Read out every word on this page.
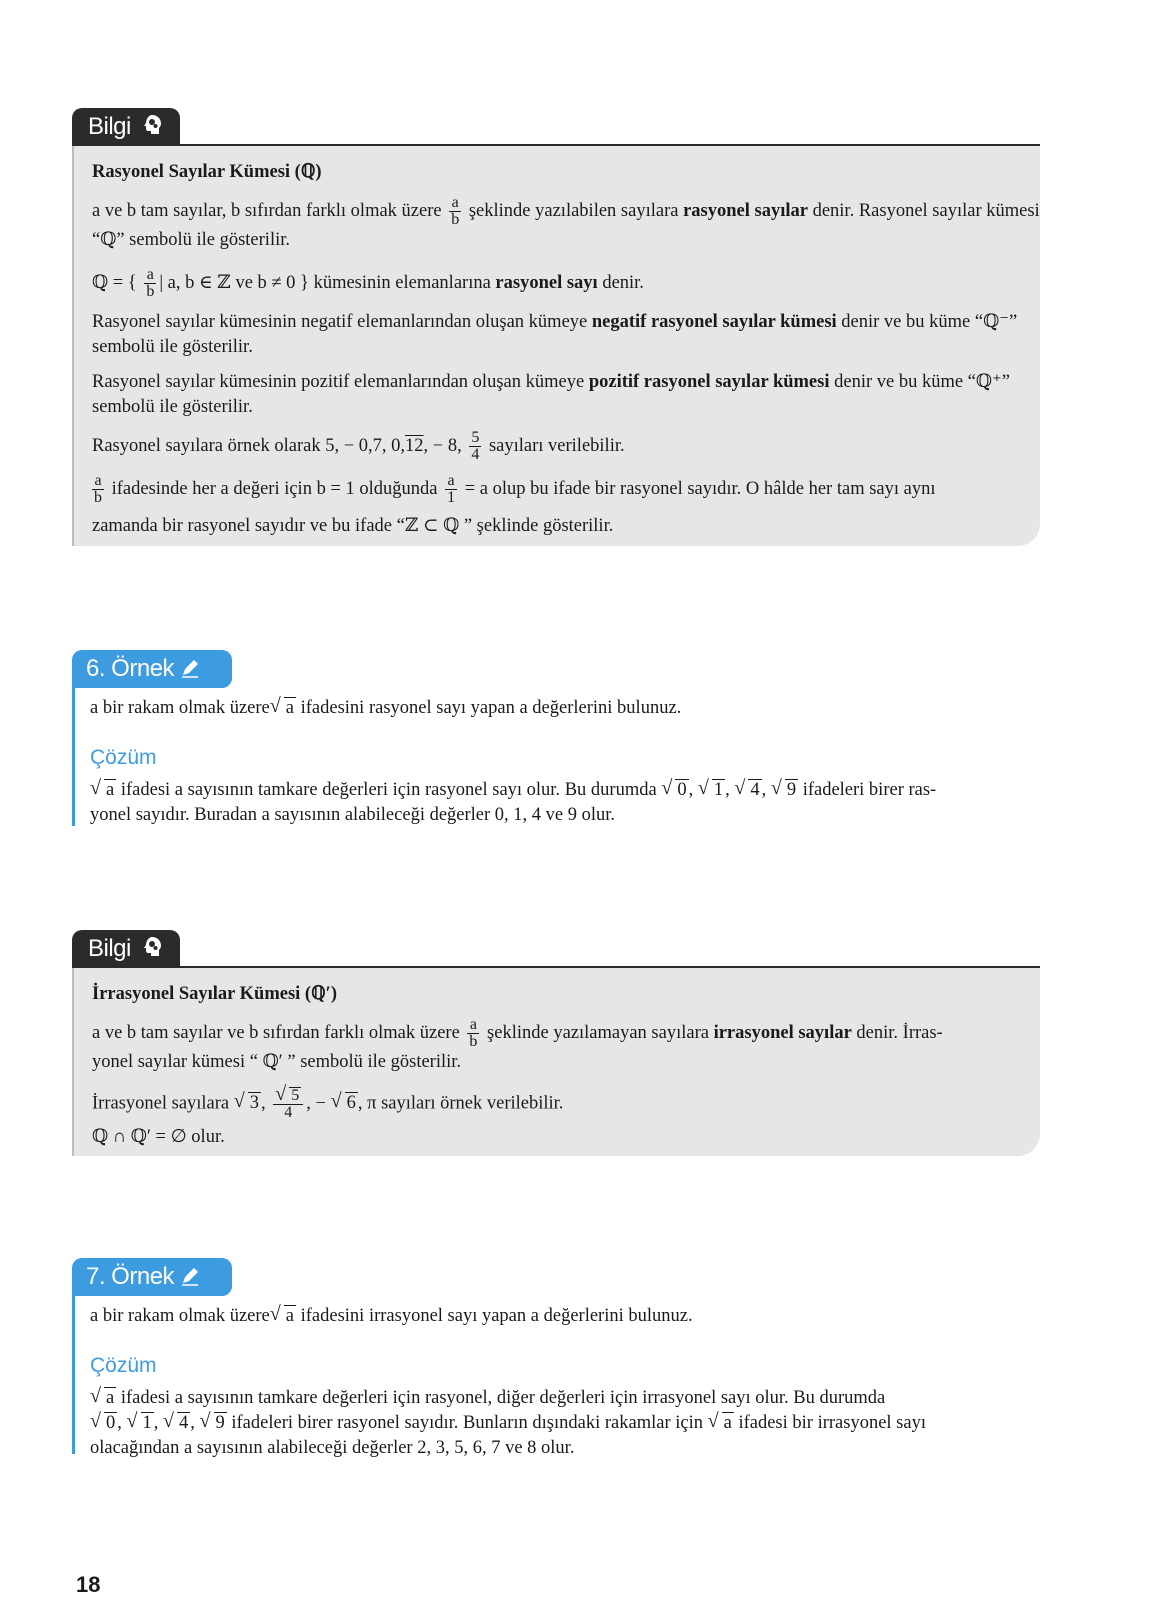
Bilgi

Rasyonel Sayılar Kümesi (ℚ)

a ve b tam sayılar, b sıfırdan farklı olmak üzere $\frac{a}{b}$ şeklinde yazılabilen sayılara rasyonel sayılar denir. Rasyonel sayılar kümesi “ℚ” sembolü ile gösterilir.

ℚ = { $\frac{a}{b}$ | a, b ∈ ℤ ve b ≠ 0 } kümesinin elemanlarına rasyonel sayı denir.

Rasyonel sayılar kümesinin negatif elemanlarından oluşan kümeye negatif rasyonel sayılar kümesi denir ve bu küme “ℚ⁻” sembolü ile gösterilir.

Rasyonel sayılar kümesinin pozitif elemanlarından oluşan kümeye pozitif rasyonel sayılar kümesi denir ve bu küme “ℚ⁺” sembolü ile gösterilir.

Rasyonel sayılara örnek olarak 5, − 0,7, 0,12, − 8, $\frac{5}{4}$ sayıları verilebilir.

$\frac{a}{b}$ ifadesinde her a değeri için b = 1 olduğunda $\frac{a}{1} = a$ olup bu ifade bir rasyonel sayıdır. O hâlde her tam sayı aynı

zamanda bir rasyonel sayıdır ve bu ifade “ℤ ⊂ ℚ ” şeklinde gösterilir.

6. Örnek
a bir rakam olmak üzere √ a ifadesini rasyonel sayı yapan a değerlerini bulunuz.
Çözüm
√ a ifadesi a sayısının tamkare değerleri için rasyonel sayı olur. Bu durumda √ 0 , √ 1 , √ 4 , √ 9 ifadeleri birer ras-
yonel sayıdır. Buradan a sayısının alabileceği değerler 0, 1, 4 ve 9 olur.
Bilgi

İrrasyonel Sayılar Kümesi (ℚ′)

a ve b tam sayılar ve b sıfırdan farklı olmak üzere $\frac{a}{b}$ şeklinde yazılamayan sayılara irrasyonel sayılar denir. İrras-
yonel sayılar kümesi “ ℚ′ ” sembolü ile gösterilir.

İrrasyonel sayılara √ 3 , √ $\frac{5}{4}$ , − √ 6 , π sayıları örnek verilebilir.

ℚ ∩ ℚ′ = ∅ olur.

7. Örnek
a bir rakam olmak üzere √ a ifadesini irrasyonel sayı yapan a değerlerini bulunuz.
Çözüm
√ a ifadesi a sayısının tamkare değerleri için rasyonel, diğer değerleri için irrasyonel sayı olur. Bu durumda
√ 0 , √ 1 , √ 4 , √ 9 ifadeleri birer rasyonel sayıdır. Bunların dışındaki rakamlar için √ a ifadesi bir irrasyonel sayı
olacağından a sayısının alabileceği değerler 2, 3, 5, 6, 7 ve 8 olur.
18
